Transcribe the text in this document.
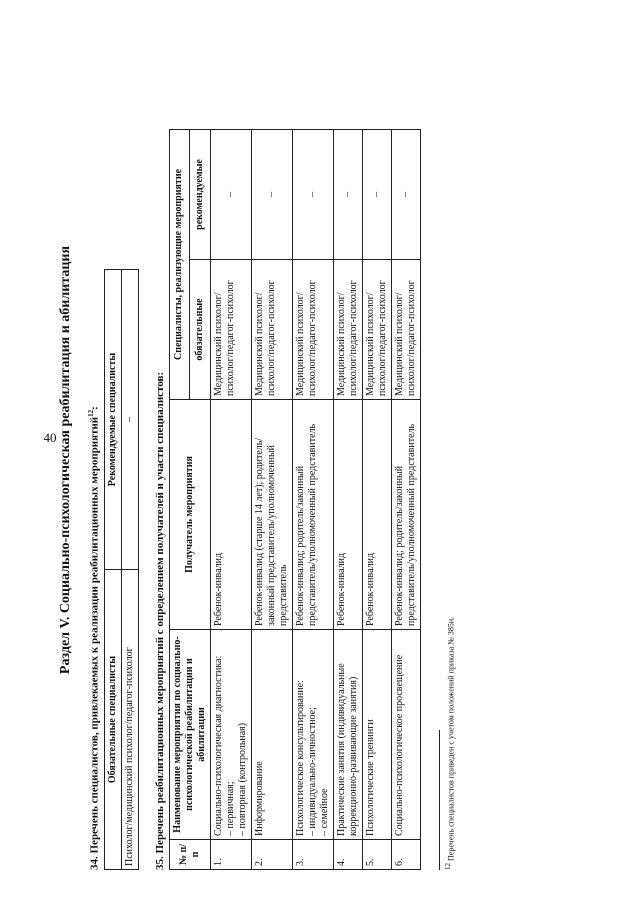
40 Раздел V. Социально-психологическая реабилитация и абилитация	34. Перечень специалистов, привлекаемых к реализации реабилитационных мероприятий$^{12}$:

Обязательные специалисты	Рекомендуемые специалисты
Психолог/медицинский психолог/педагог-психолог	– 35. Перечень реабилитационных мероприятий с определением получателей и участи специалистов: № п/п	Наименование мероприятия по социально-психологической реабилитации и абилитации	Получатель мероприятия	Специалисты, реализующие мероприятие	
			обязательные	рекомендуемые
1.	Социально-психологическая диагностика: – первичная; – повторная (контрольная)	Ребенок-инвалид	Медицинский психолог/психолог/педагог-психолог	–
2.	Информирование	Ребенок-инвалид (старше 14 лет); родитель/законный представитель/уполномоченный представитель	Медицинский психолог/психолог/педагог-психолог	–
3.	Психологическое консультирование: – индивидуально-личностное; – семейное	Ребенок-инвалид; родитель/законный представитель/уполномоченный представитель	Медицинский психолог/психолог/педагог-психолог	–
4.	Практические занятия (индивидуальные коррекционно-развивающие занятия)	Ребенок-инвалид	Медицинский психолог/психолог/педагог-психолог	–
5.	Психологические тренинги	Ребенок-инвалид	Медицинский психолог/психолог/педагог-психолог	–
6.	Социально-психологическое просвещение	Ребенок-инвалид; родитель/законный представитель/уполномоченный представитель	Медицинский психолог/психолог/педагог-психолог	–
$^{12}$ Перечень специалистов приведен с учетом положений приказа № 385н.
